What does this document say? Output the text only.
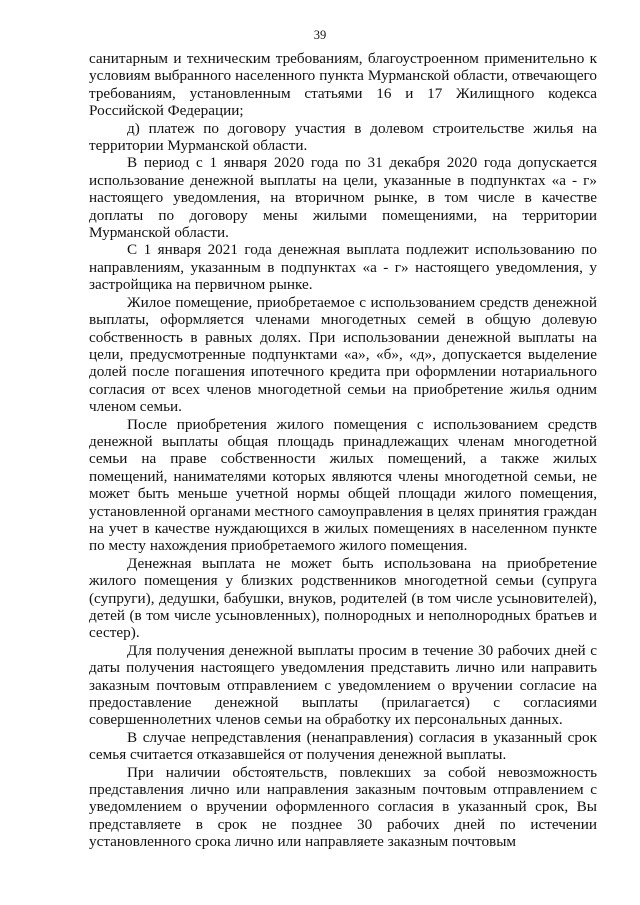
39

санитарным и техническим требованиям, благоустроенном применительно к условиям выбранного населенного пункта Мурманской области, отвечающего требованиям, установленным статьями 16 и 17 Жилищного кодекса Российской Федерации;

д) платеж по договору участия в долевом строительстве жилья на территории Мурманской области.

В период с 1 января 2020 года по 31 декабря 2020 года допускается использование денежной выплаты на цели, указанные в подпунктах «а - г» настоящего уведомления, на вторичном рынке, в том числе в качестве доплаты по договору мены жилыми помещениями, на территории Мурманской области.

С 1 января 2021 года денежная выплата подлежит использованию по направлениям, указанным в подпунктах «а - г» настоящего уведомления, у застройщика на первичном рынке.

Жилое помещение, приобретаемое с использованием средств денежной выплаты, оформляется членами многодетных семей в общую долевую собственность в равных долях. При использовании денежной выплаты на цели, предусмотренные подпунктами «а», «б», «д», допускается выделение долей после погашения ипотечного кредита при оформлении нотариального согласия от всех членов многодетной семьи на приобретение жилья одним членом семьи.

После приобретения жилого помещения с использованием средств денежной выплаты общая площадь принадлежащих членам многодетной семьи на праве собственности жилых помещений, а также жилых помещений, нанимателями которых являются члены многодетной семьи, не может быть меньше учетной нормы общей площади жилого помещения, установленной органами местного самоуправления в целях принятия граждан на учет в качестве нуждающихся в жилых помещениях в населенном пункте по месту нахождения приобретаемого жилого помещения.

Денежная выплата не может быть использована на приобретение жилого помещения у близких родственников многодетной семьи (супруга (супруги), дедушки, бабушки, внуков, родителей (в том числе усыновителей), детей (в том числе усыновленных), полнородных и неполнородных братьев и сестер).

Для получения денежной выплаты просим в течение 30 рабочих дней с даты получения настоящего уведомления представить лично или направить заказным почтовым отправлением с уведомлением о вручении согласие на предоставление денежной выплаты (прилагается) с согласиями совершеннолетних членов семьи на обработку их персональных данных.

В случае непредставления (ненаправления) согласия в указанный срок семья считается отказавшейся от получения денежной выплаты.

При наличии обстоятельств, повлекших за собой невозможность представления лично или направления заказным почтовым отправлением с уведомлением о вручении оформленного согласия в указанный срок, Вы представляете в срок не позднее 30 рабочих дней по истечении установленного срока лично или направляете заказным почтовым
